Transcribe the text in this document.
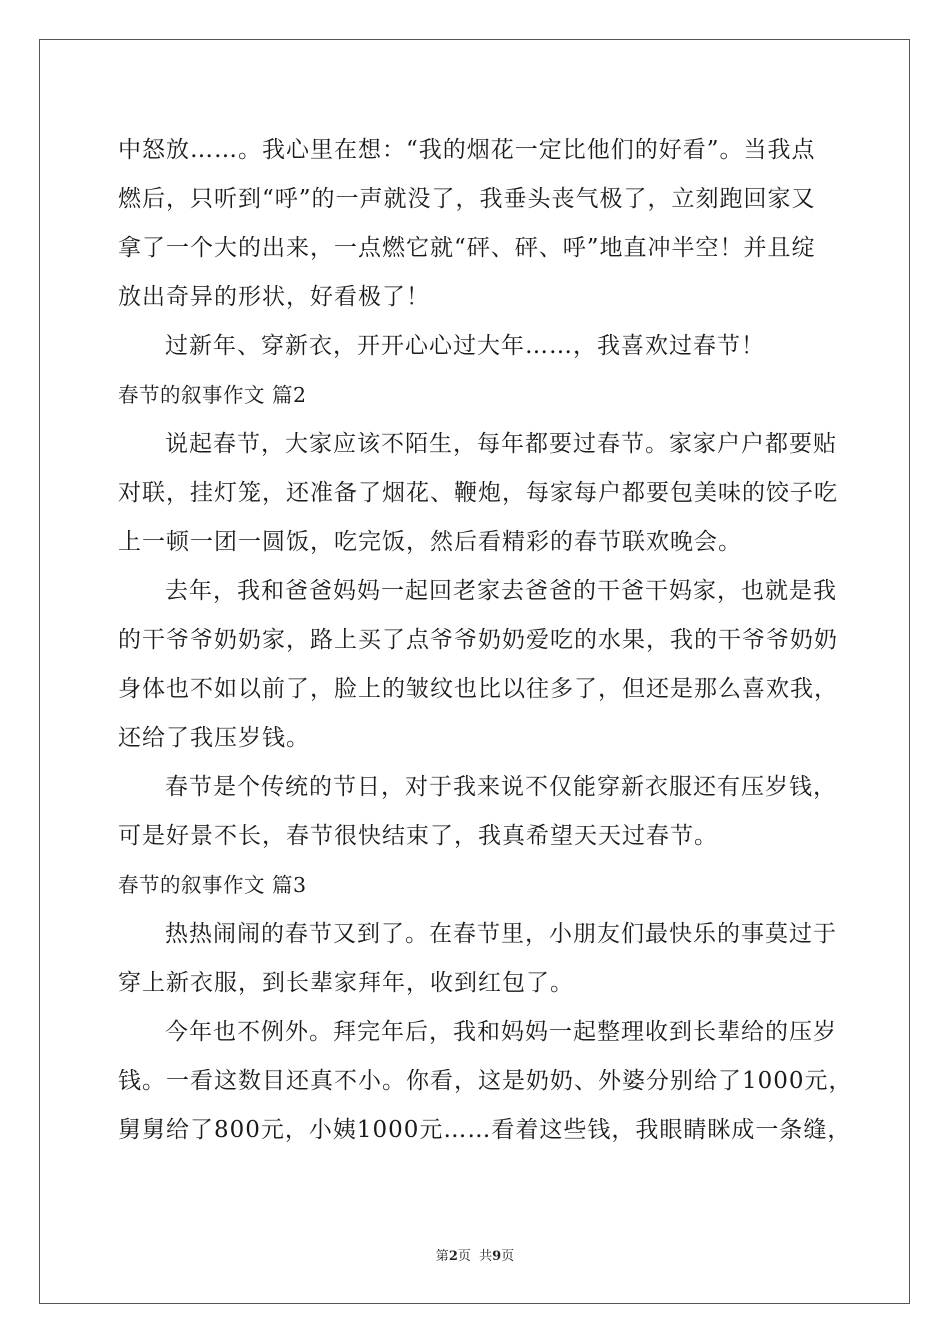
中怒放……。我心里在想：“我的烟花一定比他们的好看”。当我点
燃后，只听到“呼”的一声就没了，我垂头丧气极了，立刻跑回家又
拿了一个大的出来，一点燃它就“砰、砰、呼”地直冲半空！并且绽
放出奇异的形状，好看极了！
过新年、穿新衣，开开心心过大年……，我喜欢过春节！
春节的叙事作文 篇2
说起春节，大家应该不陌生，每年都要过春节。家家户户都要贴
对联，挂灯笼，还准备了烟花、鞭炮，每家每户都要包美味的饺子吃
上一顿一团一圆饭，吃完饭，然后看精彩的春节联欢晚会。
去年，我和爸爸妈妈一起回老家去爸爸的干爸干妈家，也就是我
的干爷爷奶奶家，路上买了点爷爷奶奶爱吃的水果，我的干爷爷奶奶
身体也不如以前了，脸上的皱纹也比以往多了，但还是那么喜欢我，
还给了我压岁钱。
春节是个传统的节日，对于我来说不仅能穿新衣服还有压岁钱，
可是好景不长，春节很快结束了，我真希望天天过春节。
春节的叙事作文 篇3
热热闹闹的春节又到了。在春节里，小朋友们最快乐的事莫过于
穿上新衣服，到长辈家拜年，收到红包了。
今年也不例外。拜完年后，我和妈妈一起整理收到长辈给的压岁
钱。一看这数目还真不小。你看，这是奶奶、外婆分别给了1000元，
舅舅给了800元，小姨1000元……看着这些钱，我眼睛眯成一条缝，
第2页  共9页
